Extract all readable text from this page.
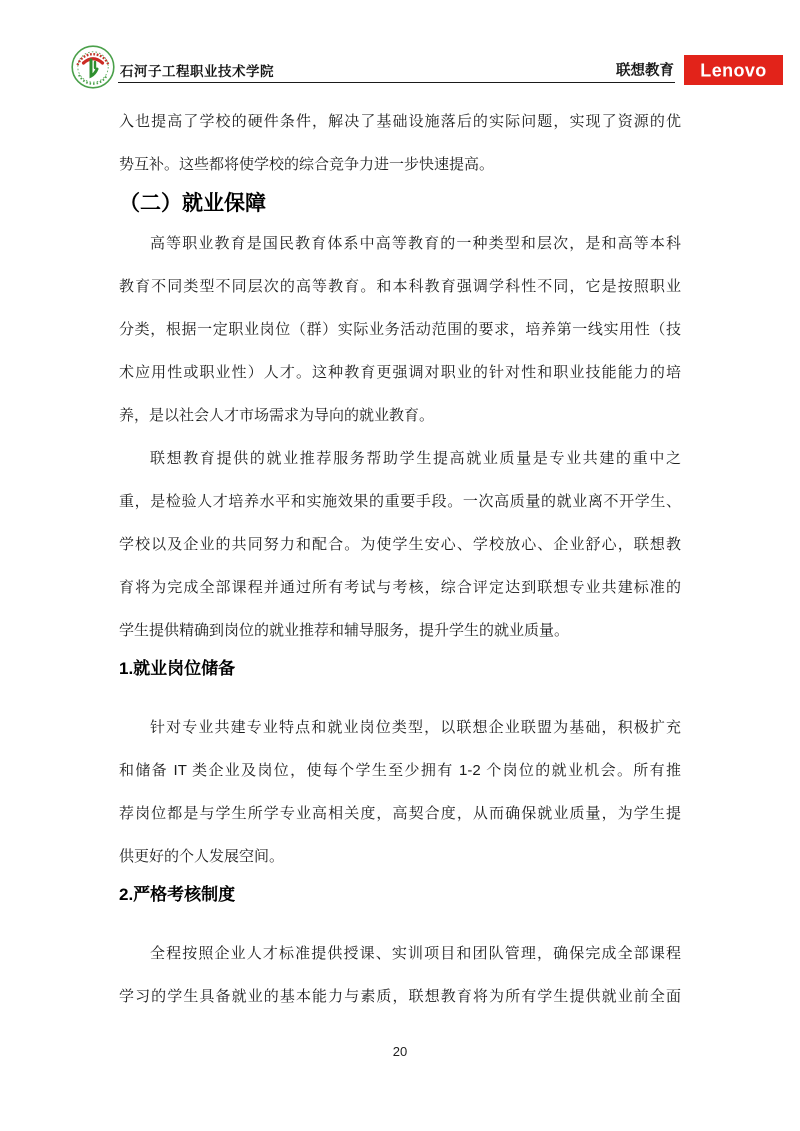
石河子工程职业技术学院	联想教育 Lenovo
入也提高了学校的硬件条件，解决了基础设施落后的实际问题，实现了资源的优
势互补。这些都将使学校的综合竞争力进一步快速提高。
（二）就业保障
高等职业教育是国民教育体系中高等教育的一种类型和层次，是和高等本科
教育不同类型不同层次的高等教育。和本科教育强调学科性不同，它是按照职业
分类，根据一定职业岗位（群）实际业务活动范围的要求，培养第一线实用性（技
术应用性或职业性）人才。这种教育更强调对职业的针对性和职业技能能力的培
养，是以社会人才市场需求为导向的就业教育。
联想教育提供的就业推荐服务帮助学生提高就业质量是专业共建的重中之
重，是检验人才培养水平和实施效果的重要手段。一次高质量的就业离不开学生、
学校以及企业的共同努力和配合。为使学生安心、学校放心、企业舒心，联想教
育将为完成全部课程并通过所有考试与考核，综合评定达到联想专业共建标准的
学生提供精确到岗位的就业推荐和辅导服务，提升学生的就业质量。
1.就业岗位储备
针对专业共建专业特点和就业岗位类型，以联想企业联盟为基础，积极扩充
和储备 IT 类企业及岗位，使每个学生至少拥有 1-2 个岗位的就业机会。所有推
荐岗位都是与学生所学专业高相关度，高契合度，从而确保就业质量，为学生提
供更好的个人发展空间。
2.严格考核制度
全程按照企业人才标准提供授课、实训项目和团队管理，确保完成全部课程
学习的学生具备就业的基本能力与素质，联想教育将为所有学生提供就业前全面
20
